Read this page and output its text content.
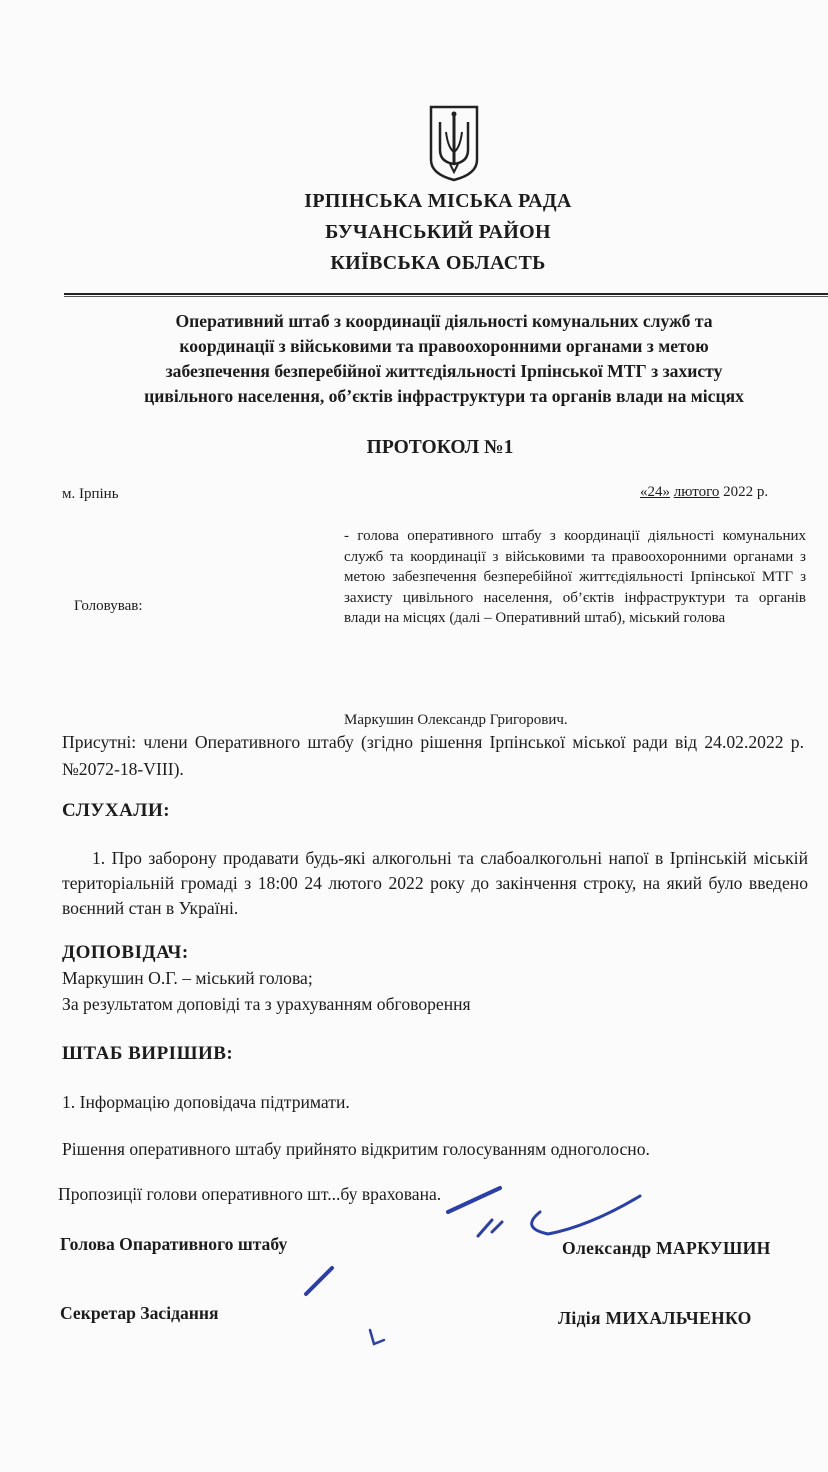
ІРПІНСЬКА МІСЬКА РАДА
БУЧАНСЬКИЙ РАЙОН
КИЇВСЬКА ОБЛАСТЬ
Оперативний штаб з координації діяльності комунальних служб та
координації з військовими та правоохоронними органами з метою
забезпечення безперебійної життєдіяльності Ірпінської МТГ з захисту
цивільного населення, об’єктів інфраструктури та органів влади на місцях
ПРОТОКОЛ №1
м. Ірпінь	«24» лютого 2022 р.
Головував:
- голова оперативного штабу з координації діяльності комунальних служб та координації з військовими та правоохоронними органами з метою забезпечення безперебійної життєдіяльності Ірпінської МТГ з захисту цивільного населення, об’єктів інфраструктури та органів влади на місцях (далі – Оперативний штаб), міський голова
Маркушин Олександр Григорович.
Присутні: члени Оперативного штабу (згідно рішення Ірпінської міської ради від 24.02.2022 р. №2072-18-VIII).
СЛУХАЛИ:
1. Про заборону продавати будь-які алкогольні та слабоалкогольні напої в Ірпінській міській територіальній громаді з 18:00 24 лютого 2022 року до закінчення строку, на який було введено воєнний стан в Україні.
ДОПОВІДАЧ:
Маркушин О.Г. – міський голова;
За результатом доповіді та з урахуванням обговорення
ШТАБ ВИРІШИВ:
1. Інформацію доповідача підтримати.
Рішення оперативного штабу прийнято відкритим голосуванням одноголосно.
Пропозиції голови оперативного шт...бу врахована.
Голова Опаративного штабу	Олександр МАРКУШИН
Секретар Засідання	Лідія МИХАЛЬЧЕНКО
